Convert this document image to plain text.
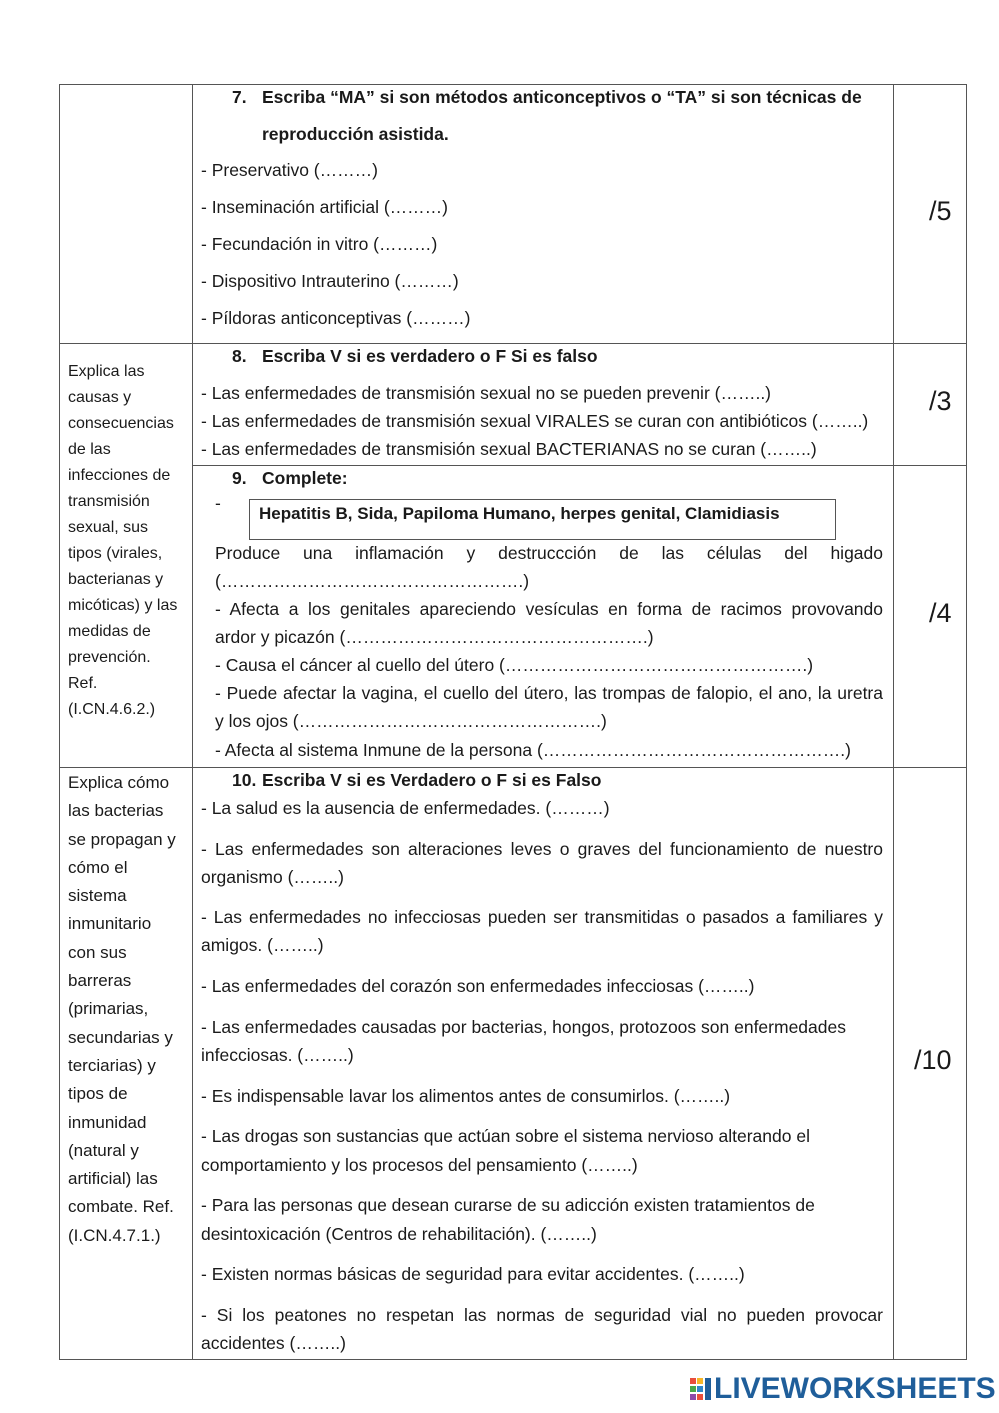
7. Escriba “MA” si son métodos anticonceptivos o “TA” si son técnicas de
reproducción asistida.
- Preservativo (………)
- Inseminación artificial (………)
- Fecundación in vitro (………)
- Dispositivo Intrauterino (………)
- Píldoras anticonceptivas (………)
/5
Explica las
causas y
consecuencias
de las
infecciones de
transmisión
sexual, sus
tipos (virales,
bacterianas y
micóticas) y las
medidas de
prevención.
Ref.
(I.CN.4.6.2.)
8. Escriba V si es verdadero o F Si es falso
- Las enfermedades de transmisión sexual no se pueden prevenir (……..)
- Las enfermedades de transmisión sexual VIRALES se curan con antibióticos (……..)
- Las enfermedades de transmisión sexual BACTERIANAS no se curan (……..)
/3
9. Complete:
-
Hepatitis B, Sida, Papiloma Humano, herpes genital, Clamidiasis
Produce una inflamación y destruccción de las células del higado
(…………………………………………….)
- Afecta a los genitales apareciendo vesículas en forma de racimos provovando
ardor y picazón (…………………………………………….)
- Causa el cáncer al cuello del útero (…………………………………………….)
- Puede afectar la vagina, el cuello del útero, las trompas de falopio, el ano, la uretra
y los ojos (…………………………………………….)
- Afecta al sistema Inmune de la persona (…………………………………………….)
/4
Explica cómo
las bacterias
se propagan y
cómo el
sistema
inmunitario
con sus
barreras
(primarias,
secundarias y
terciarias) y
tipos de
inmunidad
(natural y
artificial) las
combate. Ref.
(I.CN.4.7.1.)
10. Escriba V si es Verdadero o F si es Falso
- La salud es la ausencia de enfermedades. (………)
- Las enfermedades son alteraciones leves o graves del funcionamiento de nuestro
organismo (……..)
- Las enfermedades no infecciosas pueden ser transmitidas o pasados a familiares y
amigos. (……..)
- Las enfermedades del corazón son enfermedades infecciosas (……..)
- Las enfermedades causadas por bacterias, hongos, protozoos son enfermedades
infecciosas. (……..)
- Es indispensable lavar los alimentos antes de consumirlos. (……..)
- Las drogas son sustancias que actúan sobre el sistema nervioso alterando el
comportamiento y los procesos del pensamiento (……..)
- Para las personas que desean curarse de su adicción existen tratamientos de
desintoxicación (Centros de rehabilitación). (……..)
- Existen normas básicas de seguridad para evitar accidentes. (……..)
- Si los peatones no respetan las normas de seguridad vial no pueden provocar
accidentes (……..)
/10
LIVEWORKSHEETS
